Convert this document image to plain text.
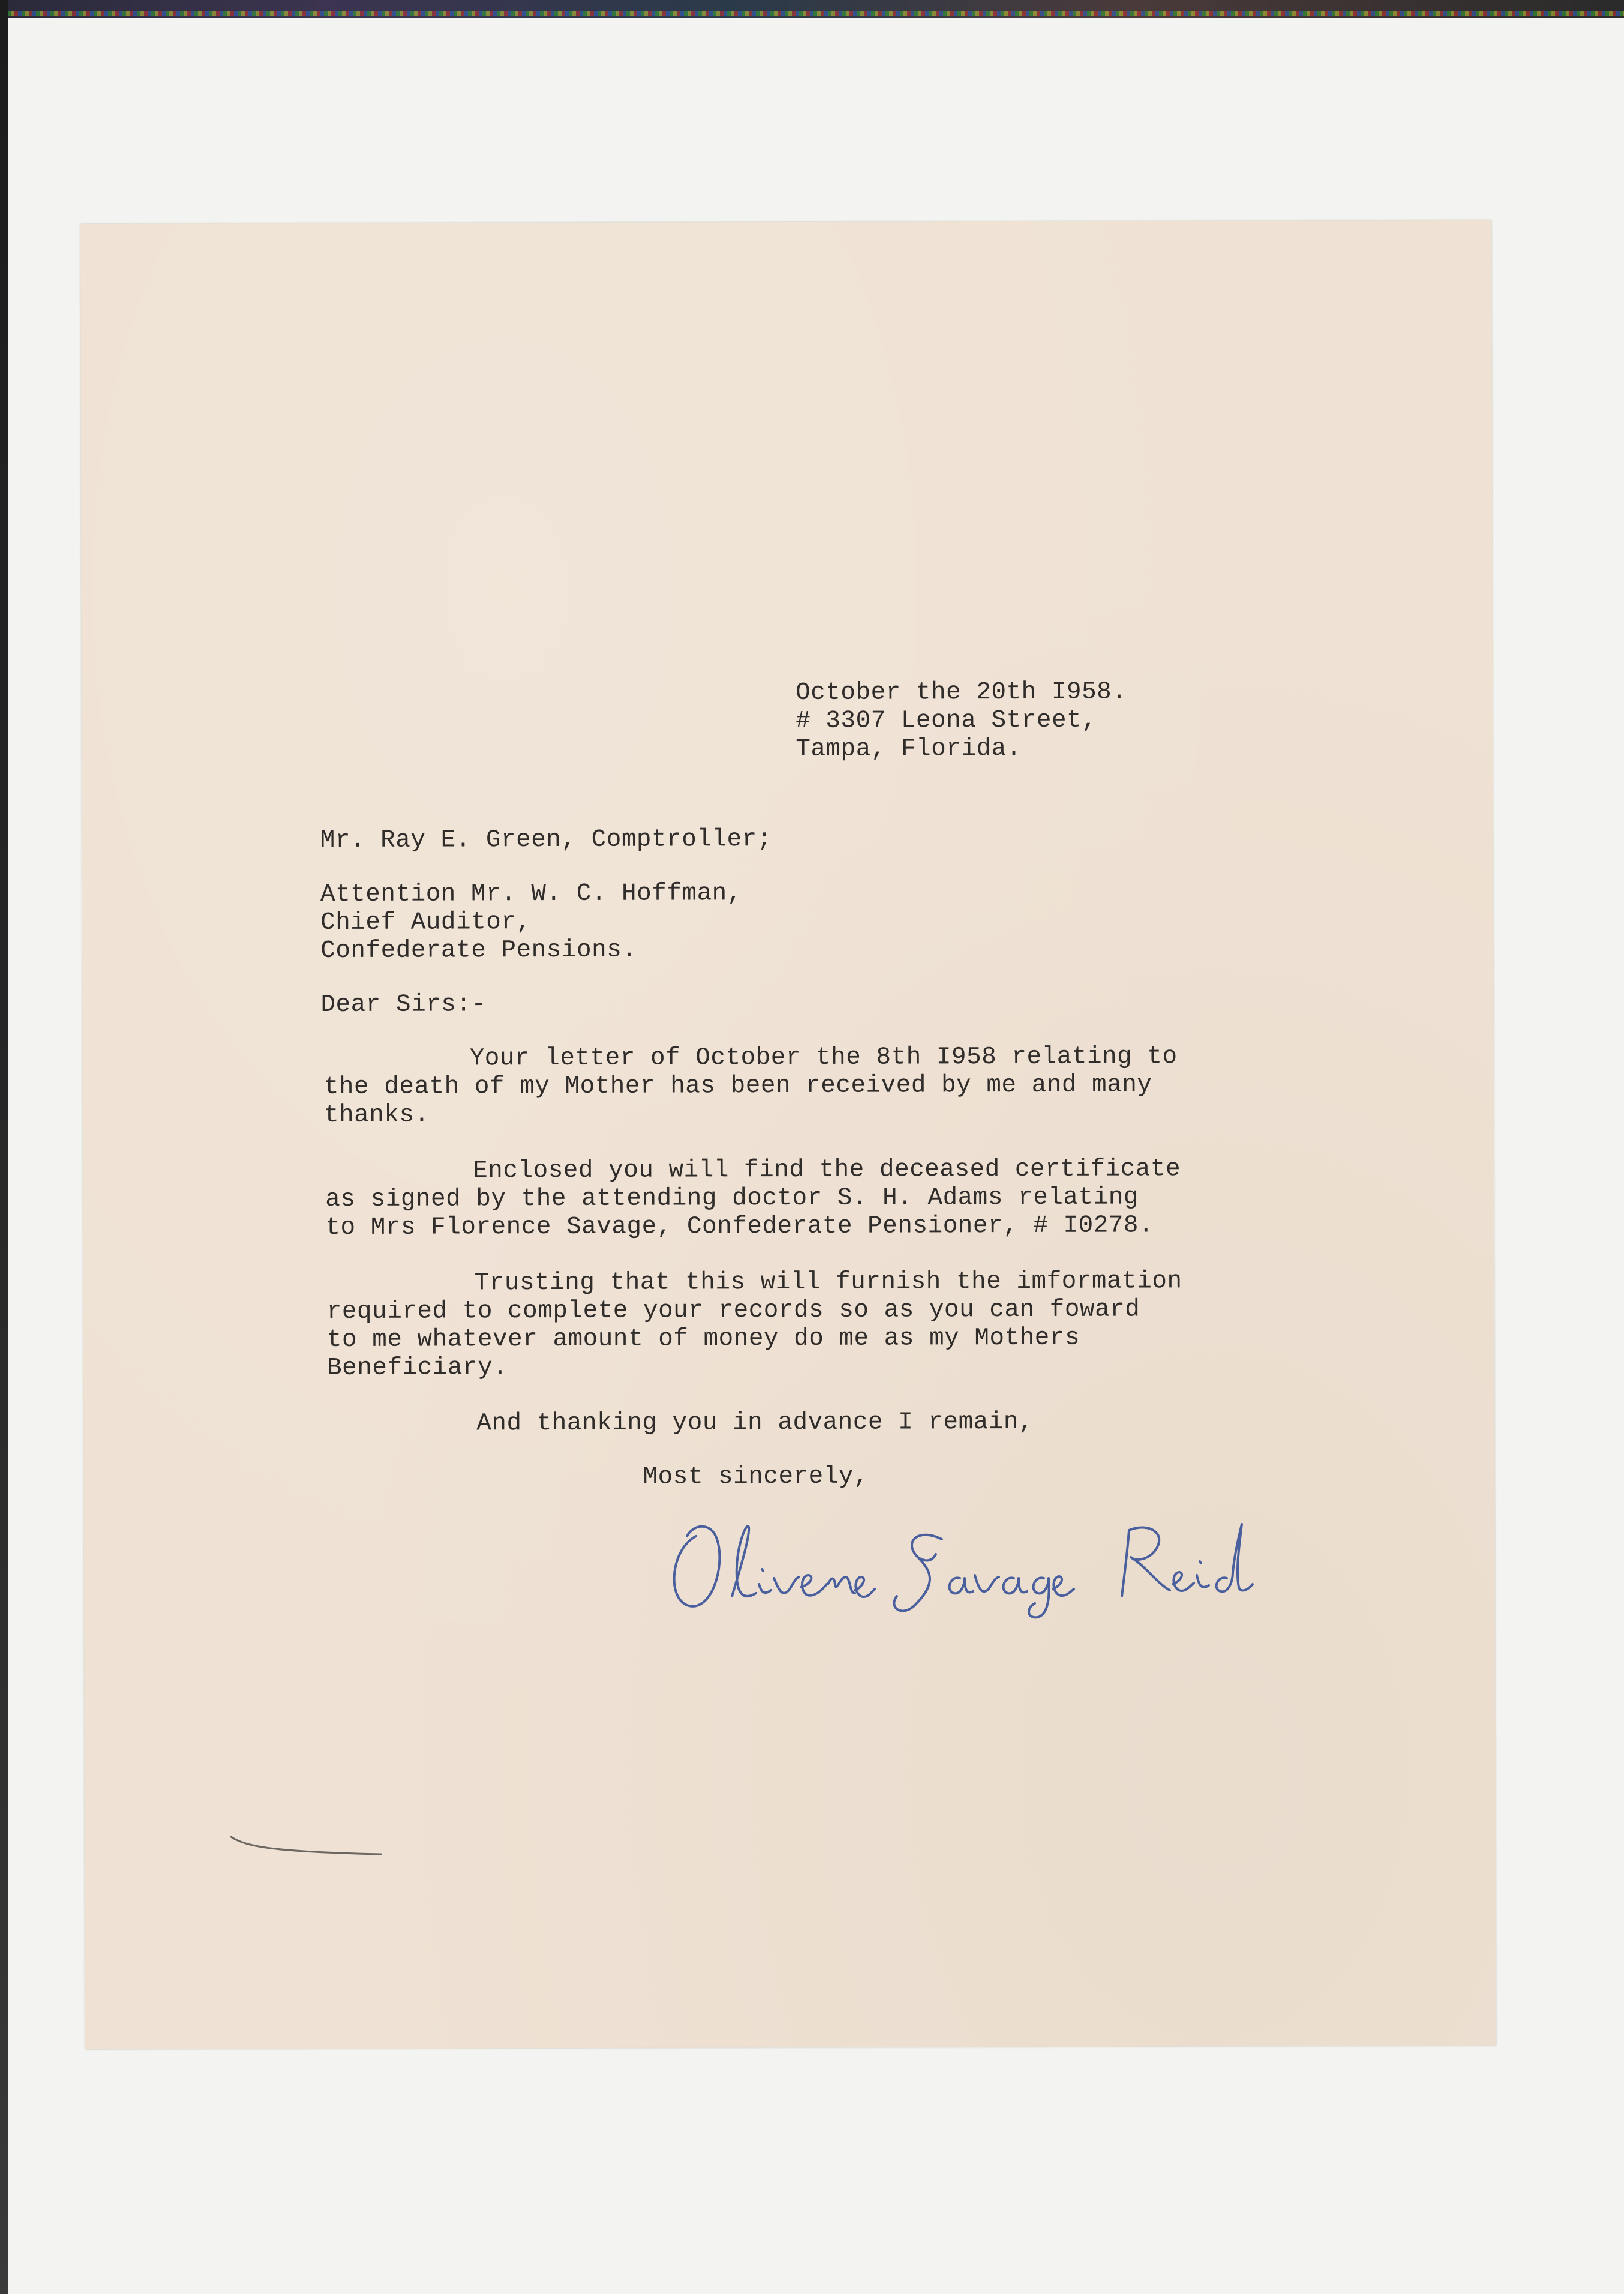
October the 20th I958.

# 3307 Leona Street,

Tampa, Florida.

Mr. Ray E. Green, Comptroller;

Attention Mr. W. C. Hoffman,

Chief Auditor,

Confederate Pensions.

Dear Sirs:-

Your letter of October the 8th I958 relating to

the death of my Mother has been received by me and many

thanks.

Enclosed you will find the deceased certificate

as signed by the attending doctor S. H. Adams relating

to Mrs Florence Savage, Confederate Pensioner, # I0278.

Trusting that this will furnish the imformation

required to complete your records so as you can foward

to me whatever amount of money do me as my Mothers

Beneficiary.

And thanking you in advance I remain,

Most sincerely,
